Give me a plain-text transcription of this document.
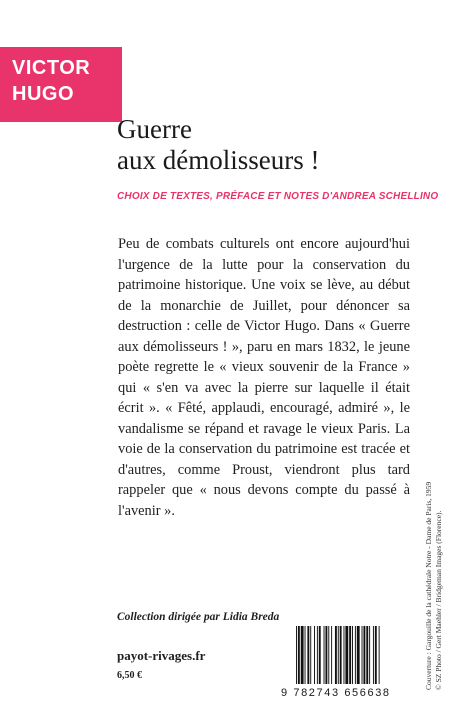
VICTOR
HUGO
Guerre
aux démolisseurs !
CHOIX DE TEXTES, PRÉFACE ET NOTES D'ANDREA SCHELLINO

Peu de combats culturels ont encore aujourd'hui l'urgence de la lutte pour la conservation du patrimoine historique. Une voix se lève, au début de la monarchie de Juillet, pour dénoncer sa destruction : celle de Victor Hugo. Dans « Guerre aux démolisseurs ! », paru en mars 1832, le jeune poète regrette le « vieux souvenir de la France » qui « s'en va avec la pierre sur laquelle il était écrit ». « Fêté, applaudi, encouragé, admiré », le vandalisme se répand et ravage le vieux Paris. La voie de la conservation du patrimoine est tracée et d'autres, comme Proust, viendront plus tard rappeler que « nous devons compte du passé à l'avenir ».

Collection dirigée par Lidia Breda
payot-rivages.fr
6,50 €
9 782743 656638
Couverture : Gargouille de la cathédrale Notre - Dame de Paris, 1959 © SZ Photo / Gert Maehler / Bridgeman Images (Florence).
